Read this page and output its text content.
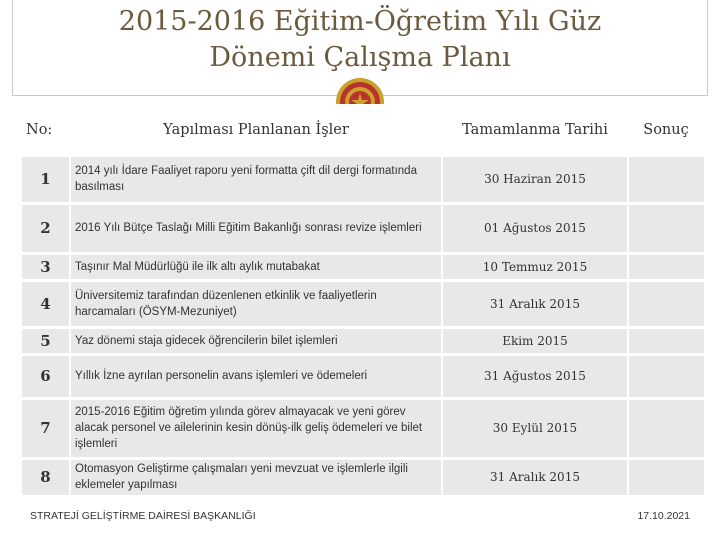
2015-2016 Eğitim-Öğretim Yılı Güz
Dönemi Çalışma Planı
No:	Yapılması Planlanan İşler	Tamamlanma Tarihi	Sonuç
1	2014 yılı İdare Faaliyet raporu yeni formatta çift dil dergi formatında basılması	30 Haziran 2015	
2	2016 Yılı Bütçe Taslağı Milli Eğitim Bakanlığı sonrası revize işlemleri	01 Ağustos 2015	
3	Taşınır Mal Müdürlüğü ile ilk altı aylık mutabakat	10 Temmuz 2015	
4	Üniversitemiz tarafından düzenlenen etkinlik ve faaliyetlerin harcamaları (ÖSYM-Mezuniyet)	31 Aralık 2015	
5	Yaz dönemi staja gidecek öğrencilerin bilet işlemleri	Ekim 2015	
6	Yıllık İzne ayrılan personelin avans işlemleri ve ödemeleri	31 Ağustos 2015	
7	2015-2016 Eğitim öğretim yılında görev almayacak ve yeni görev alacak personel ve ailelerinin kesin dönüş-ilk geliş ödemeleri ve bilet işlemleri	30 Eylül 2015	
8	Otomasyon Geliştirme çalışmaları yeni mevzuat ve işlemlerle ilgili eklemeler yapılması	31 Aralık 2015	
STRATEJİ GELİŞTİRME DAİRESİ BAŞKANLIĞI	17.10.2021
